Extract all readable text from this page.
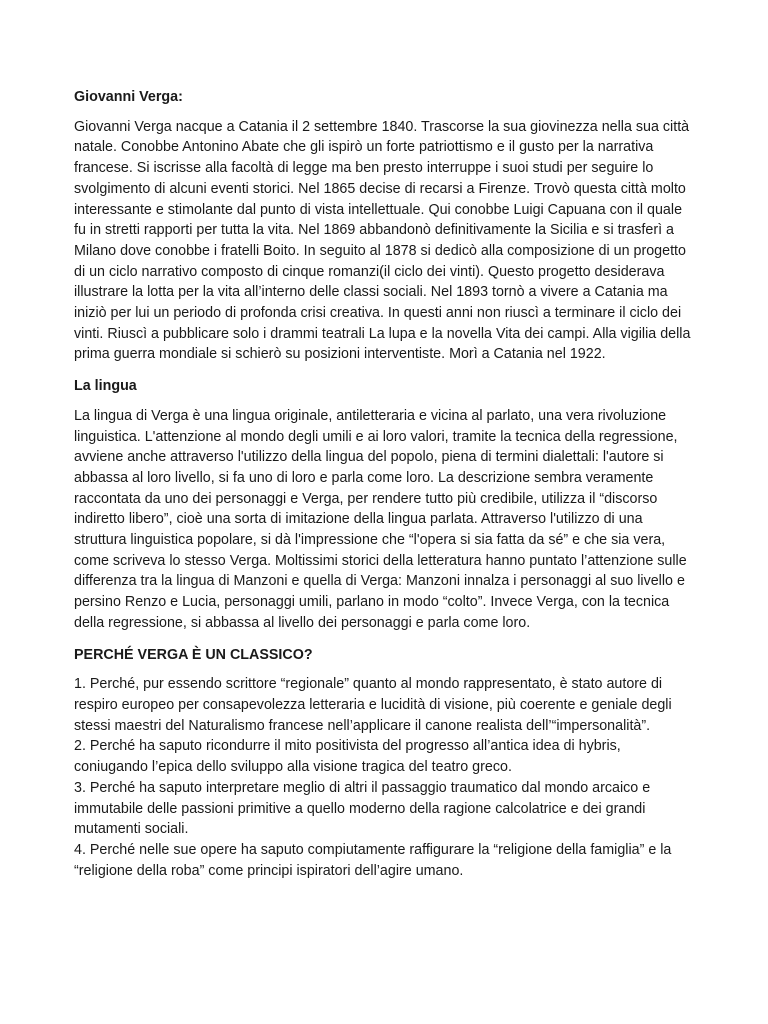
Giovanni Verga:

Giovanni Verga nacque a Catania il 2 settembre 1840. Trascorse la sua giovinezza nella sua città natale. Conobbe Antonino Abate che gli ispirò un forte patriottismo e il gusto per la narrativa francese. Si iscrisse alla facoltà di legge ma ben presto interruppe i suoi studi per seguire lo svolgimento di alcuni eventi storici. Nel 1865 decise di recarsi a Firenze. Trovò questa città molto interessante e stimolante dal punto di vista intellettuale. Qui conobbe Luigi Capuana con il quale fu in stretti rapporti per tutta la vita. Nel 1869 abbandonò definitivamente la Sicilia e si trasferì a Milano dove conobbe i fratelli Boito. In seguito al 1878 si dedicò alla composizione di un progetto di un ciclo narrativo composto di cinque romanzi(il ciclo dei vinti). Questo progetto desiderava illustrare la lotta per la vita all’interno delle classi sociali. Nel 1893 tornò a vivere a Catania ma iniziò per lui un periodo di profonda crisi creativa. In questi anni non riuscì a terminare il ciclo dei vinti. Riuscì a pubblicare solo i drammi teatrali La lupa e la novella Vita dei campi. Alla vigilia della prima guerra mondiale si schierò su posizioni interventiste. Morì a Catania nel 1922.

La lingua

La lingua di Verga è una lingua originale, antiletteraria e vicina al parlato, una vera rivoluzione linguistica. L'attenzione al mondo degli umili e ai loro valori, tramite la tecnica della regressione, avviene anche attraverso l'utilizzo della lingua del popolo, piena di termini dialettali: l'autore si abbassa al loro livello, si fa uno di loro e parla come loro. La descrizione sembra veramente raccontata da uno dei personaggi e Verga, per rendere tutto più credibile, utilizza il “discorso indiretto libero”, cioè una sorta di imitazione della lingua parlata. Attraverso l'utilizzo di una struttura linguistica popolare, si dà l'impressione che “l'opera si sia fatta da sé” e che sia vera, come scriveva lo stesso Verga. Moltissimi storici della letteratura hanno puntato l’attenzione sulle differenza tra la lingua di Manzoni e quella di Verga: Manzoni innalza i personaggi al suo livello e persino Renzo e Lucia, personaggi umili, parlano in modo “colto”. Invece Verga, con la tecnica della regressione, si abbassa al livello dei personaggi e parla come loro.

PERCHÉ VERGA È UN CLASSICO?

1. Perché, pur essendo scrittore “regionale” quanto al mondo rappresentato, è stato autore di respiro europeo per consapevolezza letteraria e lucidità di visione, più coerente e geniale degli stessi maestri del Naturalismo francese nell’applicare il canone realista dell’“impersonalità”.

2. Perché ha saputo ricondurre il mito positivista del progresso all’antica idea di hybris, coniugando l’epica dello sviluppo alla visione tragica del teatro greco.

3. Perché ha saputo interpretare meglio di altri il passaggio traumatico dal mondo arcaico e immutabile delle passioni primitive a quello moderno della ragione calcolatrice e dei grandi mutamenti sociali.

4. Perché nelle sue opere ha saputo compiutamente raffigurare la “religione della famiglia” e la “religione della roba” come principi ispiratori dell’agire umano.
